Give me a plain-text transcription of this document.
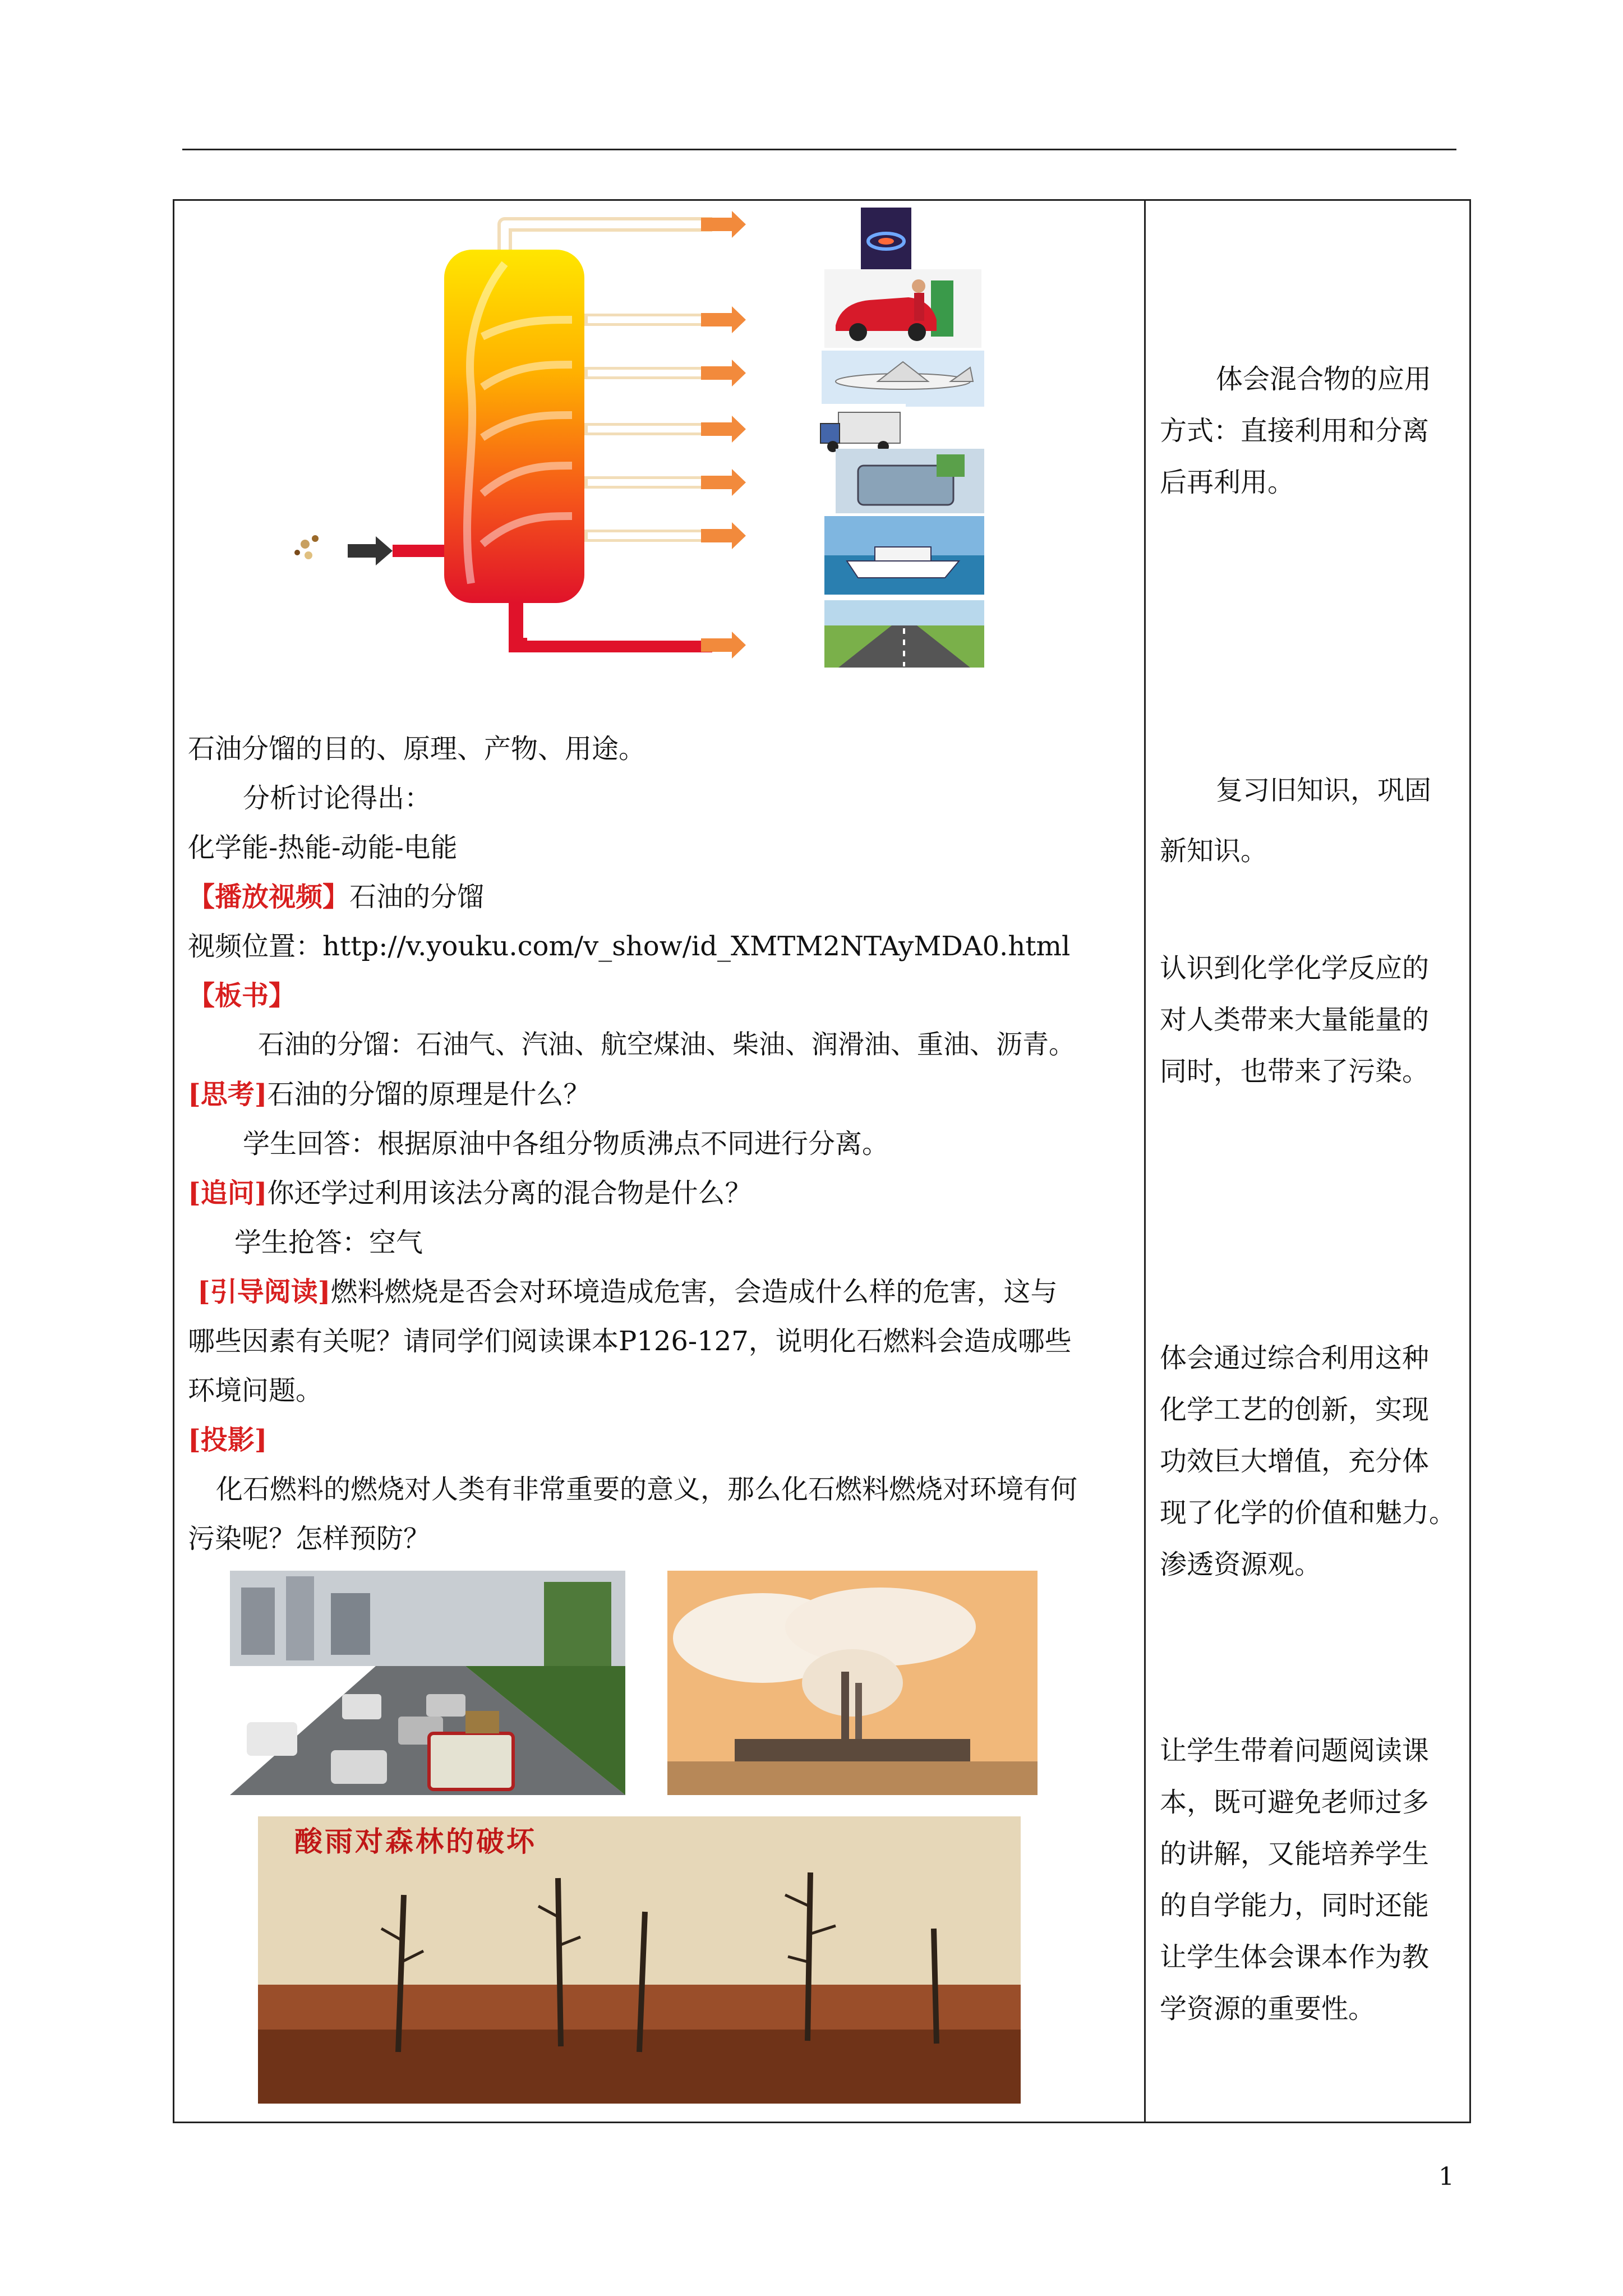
石油分馏的目的、原理、产物、用途。
分析讨论得出：
化学能-热能-动能-电能
【播放视频】石油的分馏
视频位置：http://v.youku.com/v_show/id_XMTM2NTAyMDA0.html
【板书】
石油的分馏：石油气、汽油、航空煤油、柴油、润滑油、重油、沥青。
[思考]石油的分馏的原理是什么？
学生回答：根据原油中各组分物质沸点不同进行分离。
[追问]你还学过利用该法分离的混合物是什么？
学生抢答：空气
[引导阅读]燃料燃烧是否会对环境造成危害，会造成什么样的危害，这与
哪些因素有关呢？请同学们阅读课本P126-127，说明化石燃料会造成哪些
环境问题。
[投影]
化石燃料的燃烧对人类有非常重要的意义，那么化石燃料燃烧对环境有何
污染呢？怎样预防？
酸雨对森林的破坏

体会混合物的应用

方式：直接利用和分离

后再利用。

复习旧知识，巩固

新知识。

认识到化学化学反应的

对人类带来大量能量的

同时，也带来了污染。

体会通过综合利用这种

化学工艺的创新，实现

功效巨大增值，充分体

现了化学的价值和魅力。

渗透资源观。

让学生带着问题阅读课

本，既可避免老师过多

的讲解，又能培养学生

的自学能力，同时还能

让学生体会课本作为教

学资源的重要性。

1
